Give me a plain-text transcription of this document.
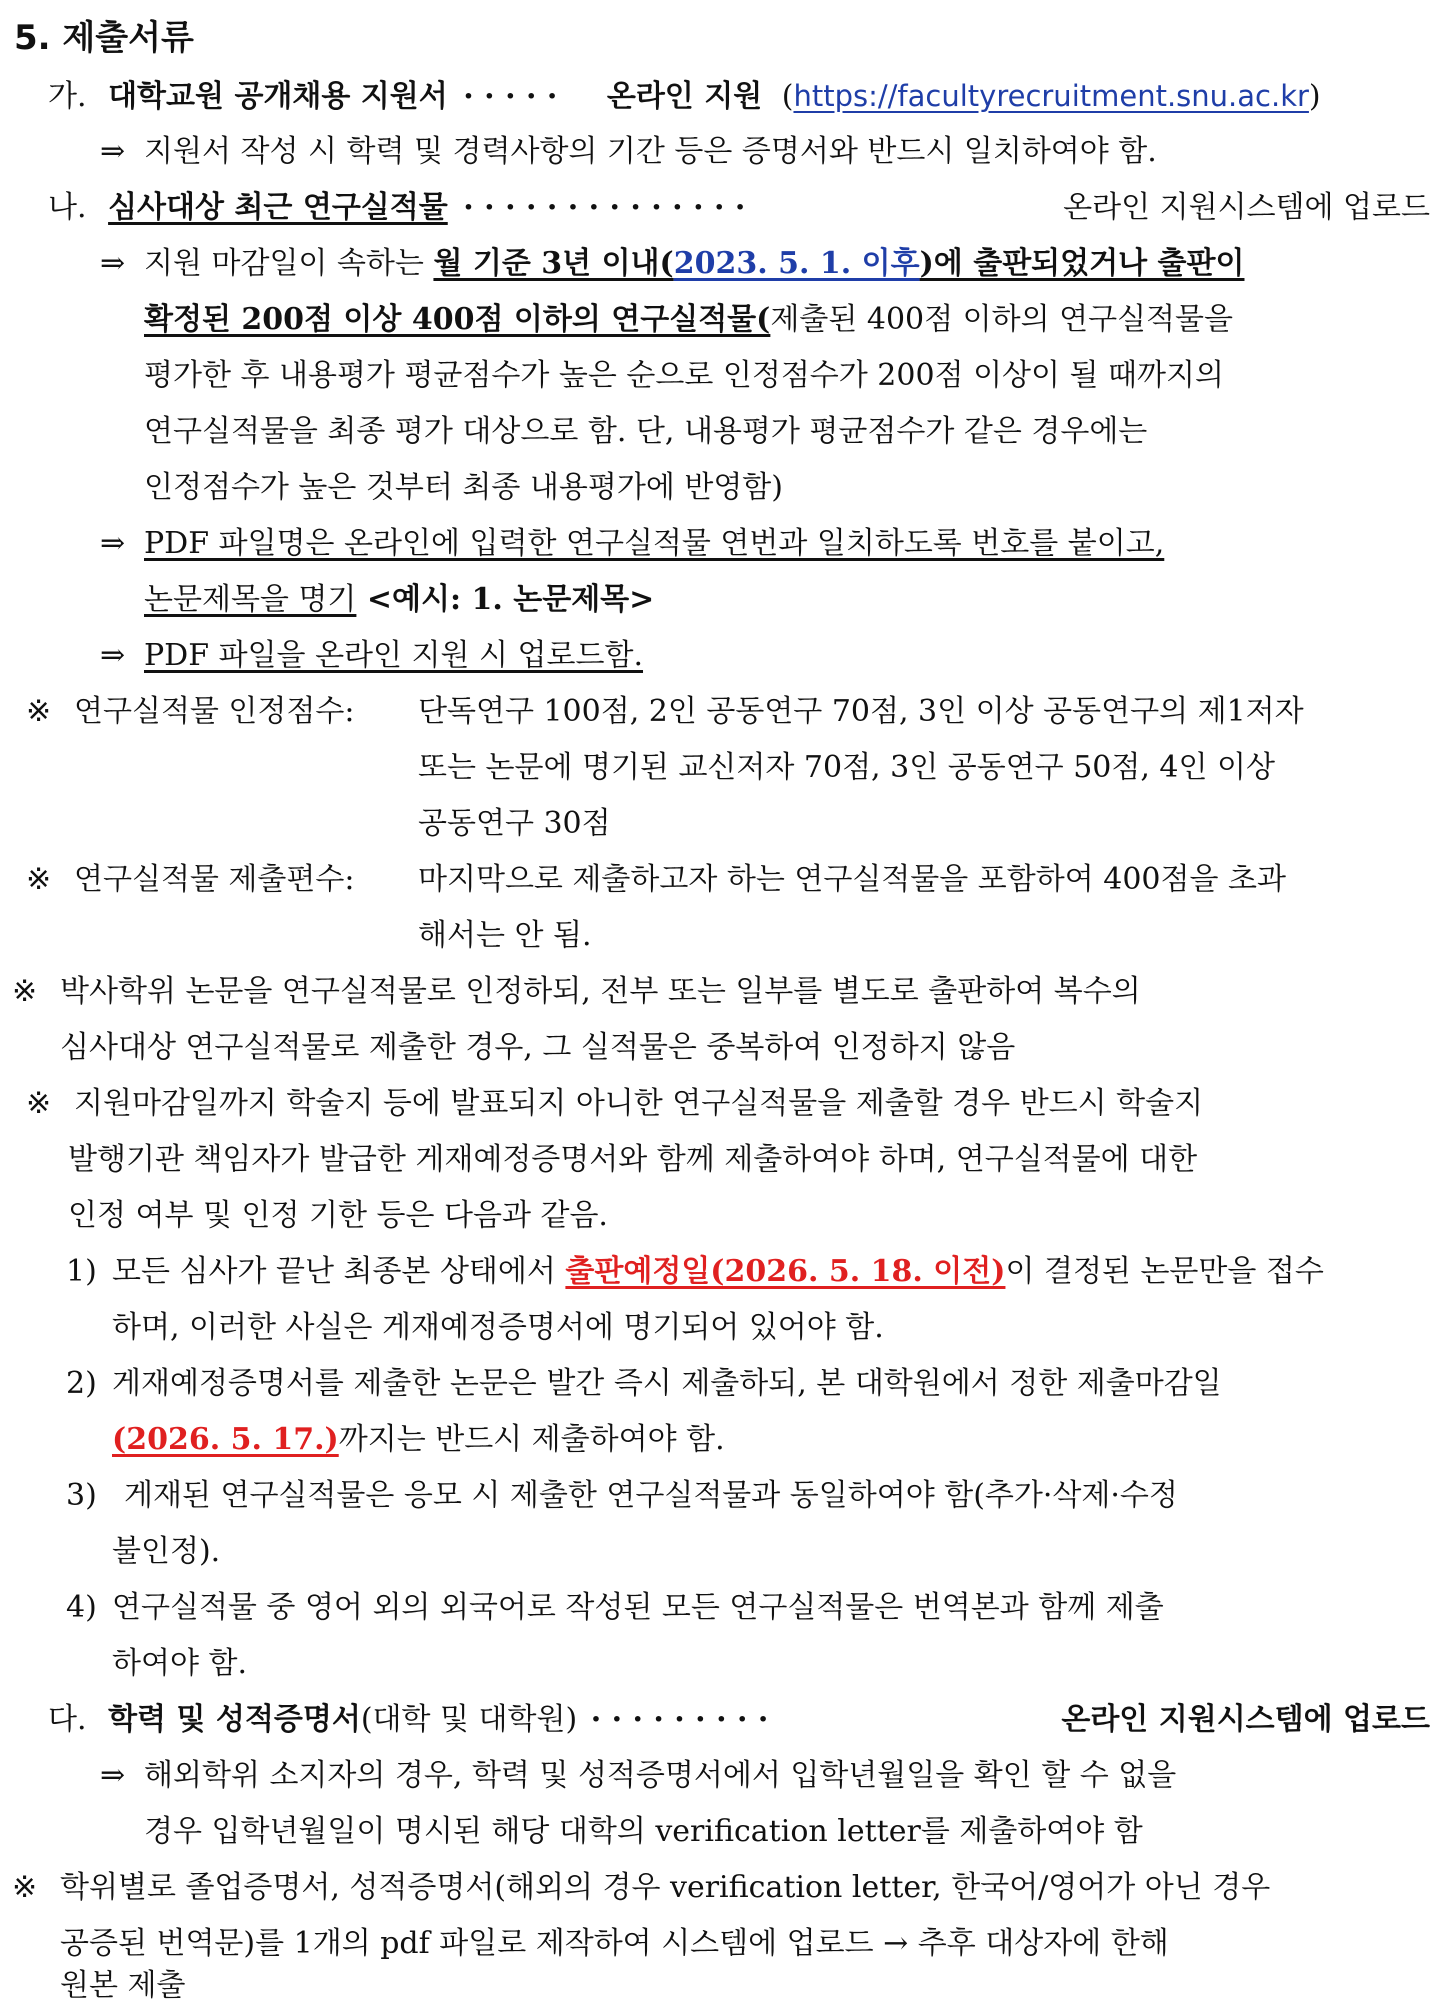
5. 제출서류
가. 대학교원 공개채용 지원서 · · · · · 온라인 지원 (https://facultyrecruitment.snu.ac.kr)
⇒ 지원서 작성 시 학력 및 경력사항의 기간 등은 증명서와 반드시 일치하여야 함.
나. 심사대상 최근 연구실적물 · · · · · · · · · · · · · ·	온라인 지원시스템에 업로드
⇒ 지원 마감일이 속하는 월 기준 3년 이내(2023. 5. 1. 이후)에 출판되었거나 출판이
확정된 200점 이상 400점 이하의 연구실적물(제출된 400점 이하의 연구실적물을
평가한 후 내용평가 평균점수가 높은 순으로 인정점수가 200점 이상이 될 때까지의
연구실적물을 최종 평가 대상으로 함. 단, 내용평가 평균점수가 같은 경우에는
인정점수가 높은 것부터 최종 내용평가에 반영함)
⇒ PDF 파일명은 온라인에 입력한 연구실적물 연번과 일치하도록 번호를 붙이고,
논문제목을 명기 <예시: 1. 논문제목>
⇒ PDF 파일을 온라인 지원 시 업로드함.
※ 연구실적물 인정점수:	단독연구 100점, 2인 공동연구 70점, 3인 이상 공동연구의 제1저자
또는 논문에 명기된 교신저자 70점, 3인 공동연구 50점, 4인 이상
공동연구 30점
※ 연구실적물 제출편수:	마지막으로 제출하고자 하는 연구실적물을 포함하여 400점을 초과
해서는 안 됨.
※ 박사학위 논문을 연구실적물로 인정하되, 전부 또는 일부를 별도로 출판하여 복수의
심사대상 연구실적물로 제출한 경우, 그 실적물은 중복하여 인정하지 않음
※ 지원마감일까지 학술지 등에 발표되지 아니한 연구실적물을 제출할 경우 반드시 학술지
발행기관 책임자가 발급한 게재예정증명서와 함께 제출하여야 하며, 연구실적물에 대한
인정 여부 및 인정 기한 등은 다음과 같음.
1) 모든 심사가 끝난 최종본 상태에서 출판예정일(2026. 5. 18. 이전)이 결정된 논문만을 접수
하며, 이러한 사실은 게재예정증명서에 명기되어 있어야 함.
2) 게재예정증명서를 제출한 논문은 발간 즉시 제출하되, 본 대학원에서 정한 제출마감일
(2026. 5. 17.)까지는 반드시 제출하여야 함.
3) 게재된 연구실적물은 응모 시 제출한 연구실적물과 동일하여야 함(추가·삭제·수정
불인정).
4) 연구실적물 중 영어 외의 외국어로 작성된 모든 연구실적물은 번역본과 함께 제출
하여야 함.
다. 학력 및 성적증명서(대학 및 대학원) · · · · · · · · ·	온라인 지원시스템에 업로드
⇒ 해외학위 소지자의 경우, 학력 및 성적증명서에서 입학년월일을 확인 할 수 없을
경우 입학년월일이 명시된 해당 대학의 verification letter를 제출하여야 함
※ 학위별로 졸업증명서, 성적증명서(해외의 경우 verification letter, 한국어/영어가 아닌 경우
공증된 번역문)를 1개의 pdf 파일로 제작하여 시스템에 업로드 → 추후 대상자에 한해
원본 제출
